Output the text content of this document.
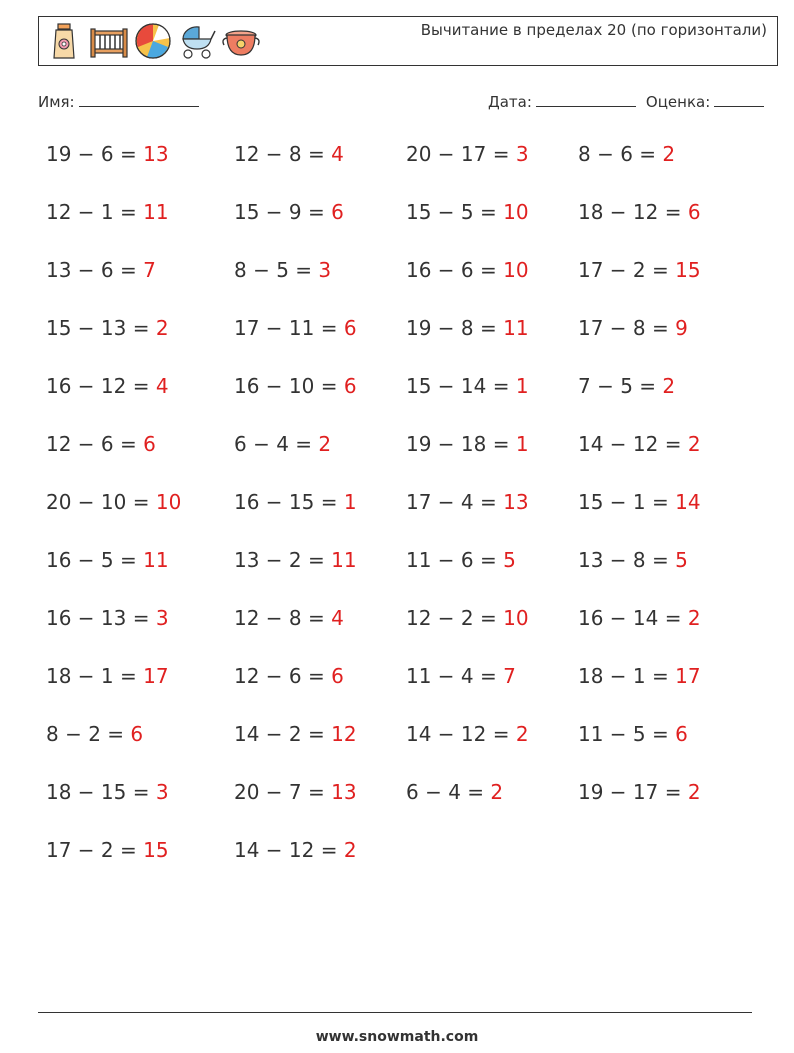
Вычитание в пределах 20 (по горизонтали)
Имя:	Дата:	Оценка:
19 − 6 = 13
12 − 1 = 11
13 − 6 = 7
15 − 13 = 2
16 − 12 = 4
12 − 6 = 6
20 − 10 = 10
16 − 5 = 11
16 − 13 = 3
18 − 1 = 17
8 − 2 = 6
18 − 15 = 3
17 − 2 = 15
12 − 8 = 4
15 − 9 = 6
8 − 5 = 3
17 − 11 = 6
16 − 10 = 6
6 − 4 = 2
16 − 15 = 1
13 − 2 = 11
12 − 8 = 4
12 − 6 = 6
14 − 2 = 12
20 − 7 = 13
14 − 12 = 2
20 − 17 = 3
15 − 5 = 10
16 − 6 = 10
19 − 8 = 11
15 − 14 = 1
19 − 18 = 1
17 − 4 = 13
11 − 6 = 5
12 − 2 = 10
11 − 4 = 7
14 − 12 = 2
6 − 4 = 2
8 − 6 = 2
18 − 12 = 6
17 − 2 = 15
17 − 8 = 9
7 − 5 = 2
14 − 12 = 2
15 − 1 = 14
13 − 8 = 5
16 − 14 = 2
18 − 1 = 17
11 − 5 = 6
19 − 17 = 2
www.snowmath.com
